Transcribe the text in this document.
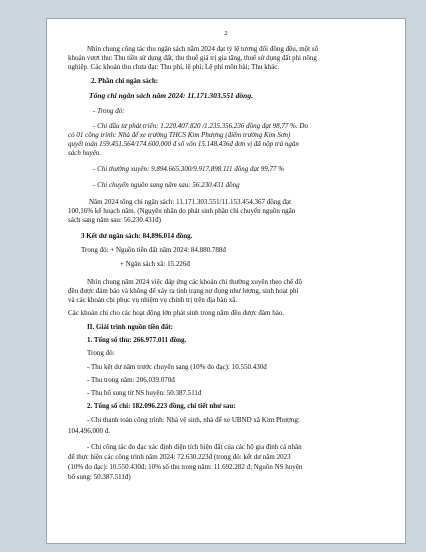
2
Nhìn chung công tác thu ngân sách năm 2024 đạt tỷ lệ tương đối đồng đều, một số
khoản vượt thu: Thu tiền sử dụng đất, thu thuế giá trị gia tăng, thuế sử dụng đất phi nông
nghiệp. Các khoản thu chưa đạt: Thu phí, lệ phí; Lệ phí môn bài; Thu khác.
2. Phần chi ngân sách:
Tổng chi ngân sách năm 2024: 11.171.303.551 đồng.
- Trong đó:
- Chi đầu tư phát triển: 1.220.407.820 /1.235.356.236 đồng đạt 98,77 %. Do
có 01 công trình: Nhà để xe trường THCS Kim Phượng (điểm trường Kim Sơn)
quyết toán 159.451.564/174.600.000 đ số vốn 15.148.436đ đơn vị đã nộp trả ngân
sách huyện.
- Chi thường xuyên: 9.894.665.300/9.917.898.111 đồng đạt 99,77 %
- Chi chuyển nguồn sang năm sau: 56.230.431 đồng
Năm 2024 tổng chi ngân sách: 11.171.303.551/11.153.454.367 đồng đạt
100,16% kế hoạch năm. (Nguyên nhân do phát sinh phần chi chuyển nguồn ngân
sách sang năm sau: 56.230.431đ)
3 Kết dư ngân sách: 84.896.014 đồng.
Trong đó: + Nguồn tiền đất năm 2024: 84.880.788đ
+ Ngân sách xã: 15.226đ
Nhìn chung năm 2024 việc đáp ứng các khoản chi thường xuyên theo chế độ
đều được đảm bảo và không để xảy ra tình trạng nợ đọng như lương, sinh hoạt phí
và các khoản chi phục vụ nhiệm vụ chính trị trên địa bàn xã.
Các khoản chi cho các hoạt động lớn phát sinh trong năm đều được đảm bảo.
II. Giải trình nguồn tiền đất:
1. Tổng số thu: 266.977.011 đồng.
Trong đó:
- Thu kết dư năm trước chuyển sang (10% đo đạc): 10.550.430đ
- Thu trong năm: 206.039.070đ
- Thu bổ sung từ NS huyện: 50.387.511đ
2. Tổng số chi: 182.096.223 đồng, chi tiết như sau:
- Chi thanh toán công trình: Nhà vệ sinh, nhà để xe UBND xã Kim Phượng:
104.496.000 đ.
- Chi công tác đo đạc xác định diện tích hiện đất của các hộ gia đình cá nhân
để thực hiện các công trình năm 2024: 72.630.223đ (trong đó: kết dư năm 2023
(10% đo đạc): 10.550.430đ; 10% số thu trong năm: 11.692.282 đ; Nguồn NS huyện
bổ sung: 50.387.511đ)
